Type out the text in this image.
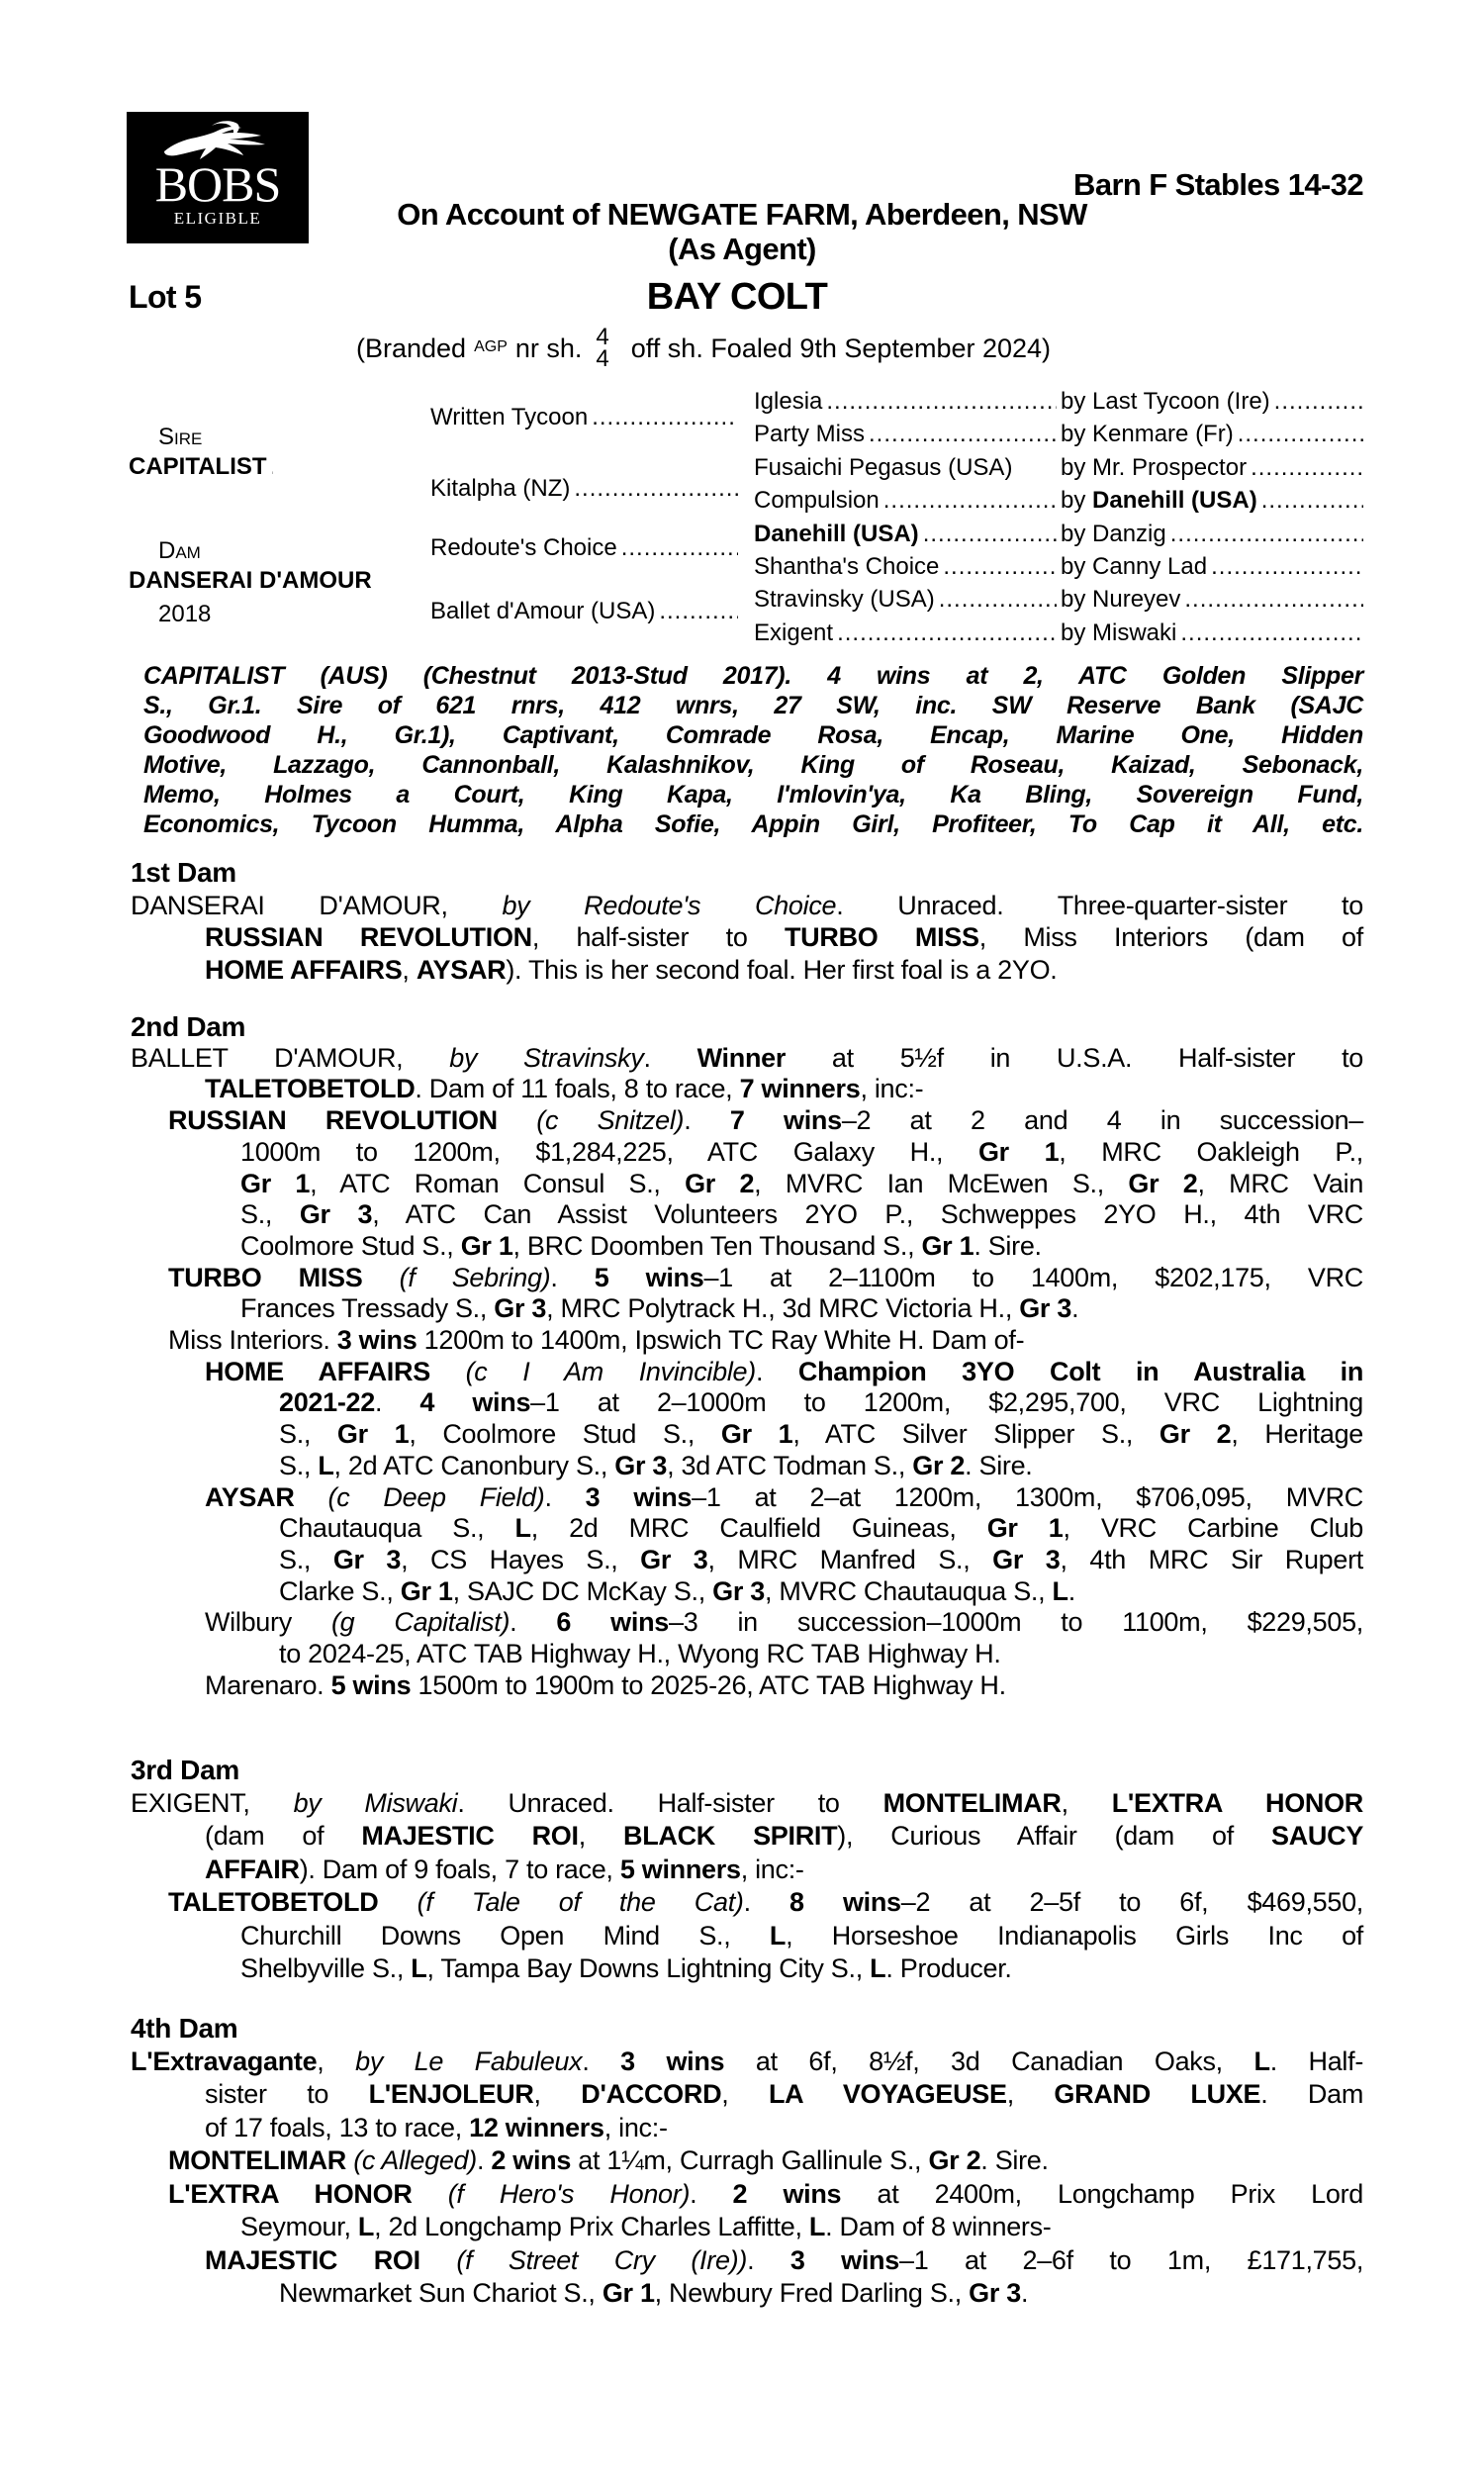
BOBS
ELIGIBLE
Barn F Stables 14-32
On Account of NEWGATE FARM, Aberdeen, NSW
(As Agent)
Lot 5	BAY COLT
(Branded AGP nr sh. 4
4 off sh. Foaled 9th September 2024)
Sire
CAPITALIST
.....
Dam
DANSERAI D'AMOUR
2018
Written Tycoon
.....
Kitalpha (NZ)
.....
Redoute's Choice
.....
Ballet d'Amour (USA)
.....
Iglesia
.....
Party Miss
.....
Fusaichi Pegasus (USA)
Compulsion
.....
Danehill (USA)
.....
Shantha's Choice
.....
Stravinsky (USA)
.....
Exigent
.....
by Last Tycoon (Ire)
.....
by Kenmare (Fr)
.....
by Mr. Prospector
.....
by Danehill (USA)
.....
by Danzig
.....
by Canny Lad
.....
by Nureyev
.....
by Miswaki
.....
CAPITALIST (AUS) (Chestnut 2013-Stud 2017). 4 wins at 2, ATC Golden Slipper
S., Gr.1. Sire of 621 rnrs, 412 wnrs, 27 SW, inc. SW Reserve Bank (SAJC
Goodwood H., Gr.1), Captivant, Comrade Rosa, Encap, Marine One, Hidden
Motive, Lazzago, Cannonball, Kalashnikov, King of Roseau, Kaizad, Sebonack,
Memo, Holmes a Court, King Kapa, I'mlovin'ya, Ka Bling, Sovereign Fund,
Economics, Tycoon Humma, Alpha Sofie, Appin Girl, Profiteer, To Cap it All, etc.
1st Dam
DANSERAI D'AMOUR, by Redoute's Choice. Unraced. Three-quarter-sister to
RUSSIAN REVOLUTION, half-sister to TURBO MISS, Miss Interiors (dam of
HOME AFFAIRS, AYSAR). This is her second foal. Her first foal is a 2YO.
2nd Dam
BALLET D'AMOUR, by Stravinsky. Winner at 5½f in U.S.A. Half-sister to
TALETOBETOLD. Dam of 11 foals, 8 to race, 7 winners, inc:-
RUSSIAN REVOLUTION (c Snitzel). 7 wins–2 at 2 and 4 in succession–
1000m to 1200m, $1,284,225, ATC Galaxy H., Gr 1, MRC Oakleigh P.,
Gr 1, ATC Roman Consul S., Gr 2, MVRC Ian McEwen S., Gr 2, MRC Vain
S., Gr 3, ATC Can Assist Volunteers 2YO P., Schweppes 2YO H., 4th VRC
Coolmore Stud S., Gr 1, BRC Doomben Ten Thousand S., Gr 1. Sire.
TURBO MISS (f Sebring). 5 wins–1 at 2–1100m to 1400m, $202,175, VRC
Frances Tressady S., Gr 3, MRC Polytrack H., 3d MRC Victoria H., Gr 3.
Miss Interiors. 3 wins 1200m to 1400m, Ipswich TC Ray White H. Dam of-
HOME AFFAIRS (c I Am Invincible). Champion 3YO Colt in Australia in
2021-22. 4 wins–1 at 2–1000m to 1200m, $2,295,700, VRC Lightning
S., Gr 1, Coolmore Stud S., Gr 1, ATC Silver Slipper S., Gr 2, Heritage
S., L, 2d ATC Canonbury S., Gr 3, 3d ATC Todman S., Gr 2. Sire.
AYSAR (c Deep Field). 3 wins–1 at 2–at 1200m, 1300m, $706,095, MVRC
Chautauqua S., L, 2d MRC Caulfield Guineas, Gr 1, VRC Carbine Club
S., Gr 3, CS Hayes S., Gr 3, MRC Manfred S., Gr 3, 4th MRC Sir Rupert
Clarke S., Gr 1, SAJC DC McKay S., Gr 3, MVRC Chautauqua S., L.
Wilbury (g Capitalist). 6 wins–3 in succession–1000m to 1100m, $229,505,
to 2024-25, ATC TAB Highway H., Wyong RC TAB Highway H.
Marenaro. 5 wins 1500m to 1900m to 2025-26, ATC TAB Highway H.
3rd Dam
EXIGENT, by Miswaki. Unraced. Half-sister to MONTELIMAR, L'EXTRA HONOR
(dam of MAJESTIC ROI, BLACK SPIRIT), Curious Affair (dam of SAUCY
AFFAIR). Dam of 9 foals, 7 to race, 5 winners, inc:-
TALETOBETOLD (f Tale of the Cat). 8 wins–2 at 2–5f to 6f, $469,550,
Churchill Downs Open Mind S., L, Horseshoe Indianapolis Girls Inc of
Shelbyville S., L, Tampa Bay Downs Lightning City S., L. Producer.
4th Dam
L'Extravagante, by Le Fabuleux. 3 wins at 6f, 8½f, 3d Canadian Oaks, L. Half-
sister to L'ENJOLEUR, D'ACCORD, LA VOYAGEUSE, GRAND LUXE. Dam
of 17 foals, 13 to race, 12 winners, inc:-
MONTELIMAR (c Alleged). 2 wins at 1¼m, Curragh Gallinule S., Gr 2. Sire.
L'EXTRA HONOR (f Hero's Honor). 2 wins at 2400m, Longchamp Prix Lord
Seymour, L, 2d Longchamp Prix Charles Laffitte, L. Dam of 8 winners-
MAJESTIC ROI (f Street Cry (Ire)). 3 wins–1 at 2–6f to 1m, £171,755,
Newmarket Sun Chariot S., Gr 1, Newbury Fred Darling S., Gr 3.
